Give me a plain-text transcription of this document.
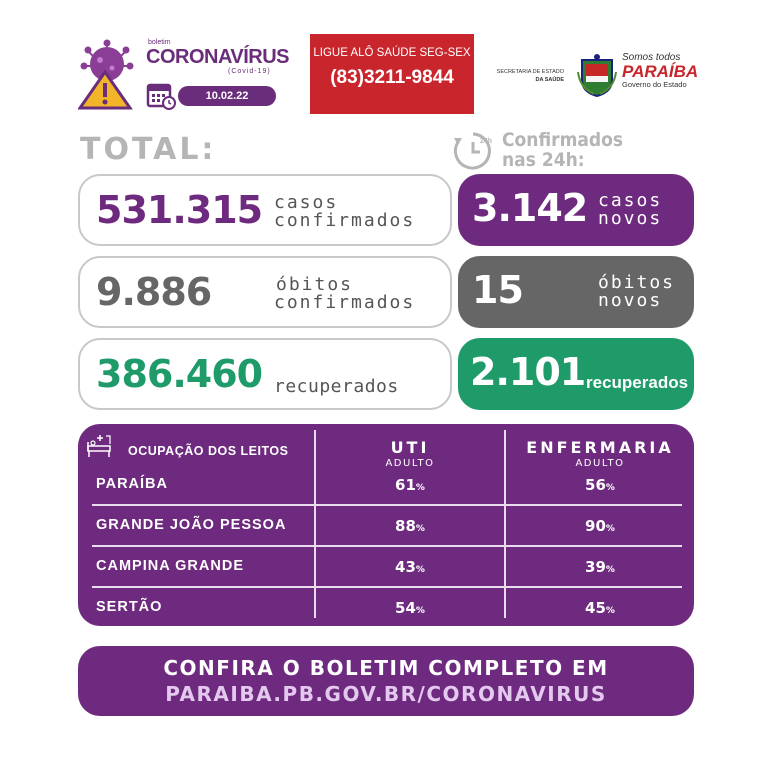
boletim
CORONAVÍRUS
(Covid-19)
10.02.22
LIGUE ALÔ SAÚDE SEG-SEX
(83)3211-9844	SECRETARIA DE ESTADO
DA SAÚDE
Somos todos
PARAÍBA
Governo do Estado
TOTAL:	24h Confirmados
nas 24h:
531.315 casos
confirmados
9.886	óbitos
confirmados
386.460 recuperados
3.142 casos
novos
15	óbitos
novos
2.101 recuperados
OCUPAÇÃO DOS LEITOS	UTI
ADULTO
ENFERMARIA
ADULTO
PARAÍBA	61%	56%
GRANDE JOÃO PESSOA	88%	90%
CAMPINA GRANDE	43%	39%
SERTÃO	54%	45%
CONFIRA O BOLETIM COMPLETO EM
PARAIBA.PB.GOV.BR/CORONAVIRUS
